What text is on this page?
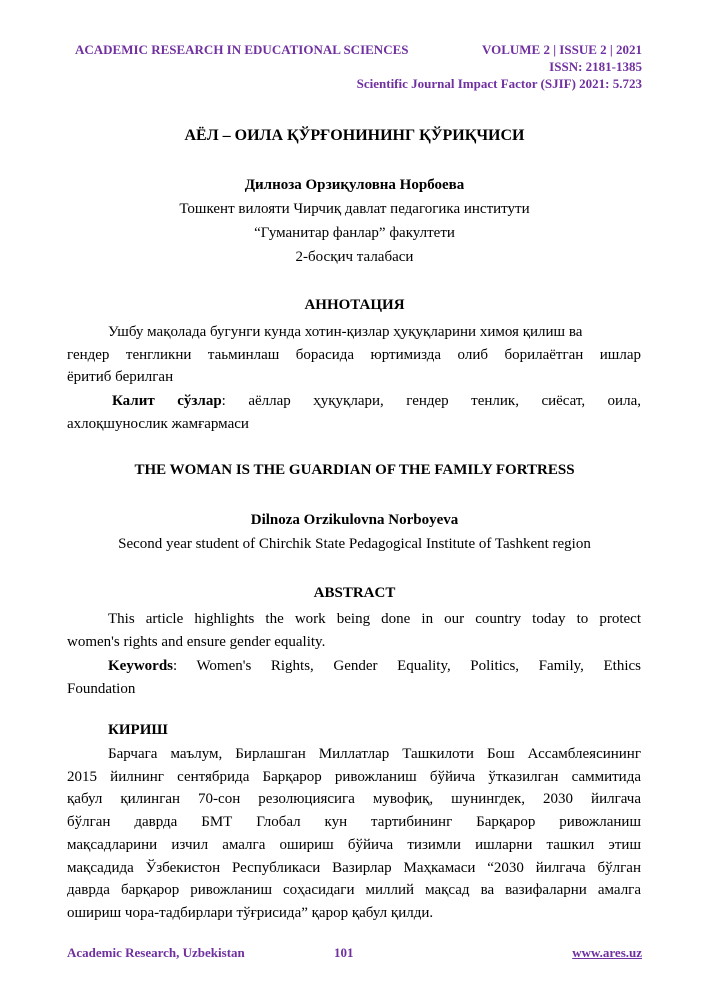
ACADEMIC RESEARCH IN EDUCATIONAL SCIENCES	VOLUME 2 | ISSUE 2 | 2021
ISSN: 2181-1385
Scientific Journal Impact Factor (SJIF) 2021: 5.723
АЁЛ – ОИЛА ҚЎРҒОНИНИНГ ҚЎРИҚЧИСИ
Дилноза Орзиқуловна Норбоева
Тошкент вилояти Чирчиқ давлат педагогика институти
“Гуманитар фанлар” факултети
2-босқич талабаси
АННОТАЦИЯ
Ушбу мақолада бугунги кунда хотин-қизлар ҳуқуқларини химоя қилиш ва
гендер тенгликни таьминлаш борасида юртимизда олиб борилаётган ишлар
ёритиб берилган
Калит сўзлар: аёллар ҳуқуқлари, гендер тенлик, сиёсат, оила,
ахлоқшунослик жамғармаси
THE WOMAN IS THE GUARDIAN OF THE FAMILY FORTRESS
Dilnoza Orzikulovna Norboyeva
Second year student of Chirchik State Pedagogical Institute of Tashkent region
ABSTRACT
This article highlights the work being done in our country today to protect
women's rights and ensure gender equality.
Keywords: Women's Rights, Gender Equality, Politics, Family, Ethics
Foundation
КИРИШ
Барчага маълум, Бирлашган Миллатлар Ташкилоти Бош Ассамблеясининг
2015 йилнинг сентябрида Барқарор ривожланиш бўйича ўтказилган саммитида
қабул қилинган 70-сон резолюциясига мувофиқ, шунингдек, 2030 йилгача
бўлган даврда БМТ Глобал кун тартибининг Барқарор ривожланиш
мақсадларини изчил амалга ошириш бўйича тизимли ишларни ташкил этиш
мақсадида Ўзбекистон Республикаси Вазирлар Маҳкамаси “2030 йилгача бўлган
даврда барқарор ривожланиш соҳасидаги миллий мақсад ва вазифаларни амалга
ошириш чора-тадбирлари тўғрисида” қарор қабул қилди.
Academic Research, Uzbekistan	101	www.ares.uz
